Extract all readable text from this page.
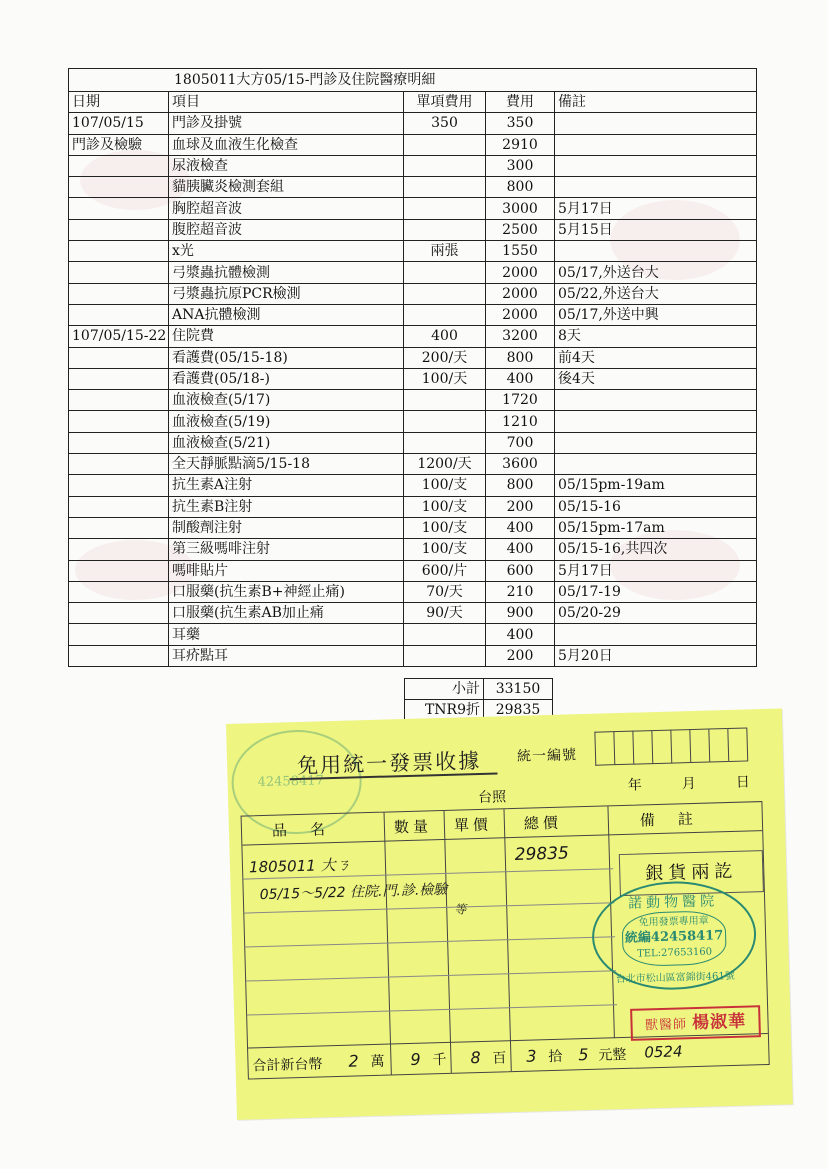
1805011大方05/15-門診及住院醫療明細				
日期	項目	單項費用	費用	備註
107/05/15	門診及掛號	350	350	
門診及檢驗	血球及血液生化檢查		2910	
	尿液檢查		300	
	貓胰臟炎檢測套組		800	
	胸腔超音波		3000	5月17日
	腹腔超音波		2500	5月15日
	x光	兩張	1550	
	弓漿蟲抗體檢測		2000	05/17,外送台大
	弓漿蟲抗原PCR檢測		2000	05/22,外送台大
	ANA抗體檢測		2000	05/17,外送中興
107/05/15-22	住院費	400	3200	8天
	看護費(05/15-18)	200/天	800	前4天
	看護費(05/18-)	100/天	400	後4天
	血液檢查(5/17)		1720	
	血液檢查(5/19)		1210	
	血液檢查(5/21)		700	
	全天靜脈點滴5/15-18	1200/天	3600	
	抗生素A注射	100/支	800	05/15pm-19am
	抗生素B注射	100/支	200	05/15-16
	制酸劑注射	100/支	400	05/15pm-17am
	第三級嗎啡注射	100/支	400	05/15-16,共四次
	嗎啡貼片	600/片	600	5月17日
	口服藥(抗生素B+神經止痛)	70/天	210	05/17-19
	口服藥(抗生素AB加止痛	90/天	900	05/20-29
	耳藥		400	
	耳疥點耳		200	5月20日
小計	33150
TNR9折	29835
42458417
免用統一發票收據	統一編號
台照
年	月	日
品　名	數量 單價 總價	備　註
1805011 大ㄋ
05/15～5/22 住院.門.診.檢驗
等
29835
銀貨兩訖
合計新台幣 2 萬	9 千	8 百	3 拾 5 元整	0524
諾動物醫院
免用發票專用章
統編42458417
TEL:27653160
台北市松山區富錦街461號
獸醫師 楊淑華
